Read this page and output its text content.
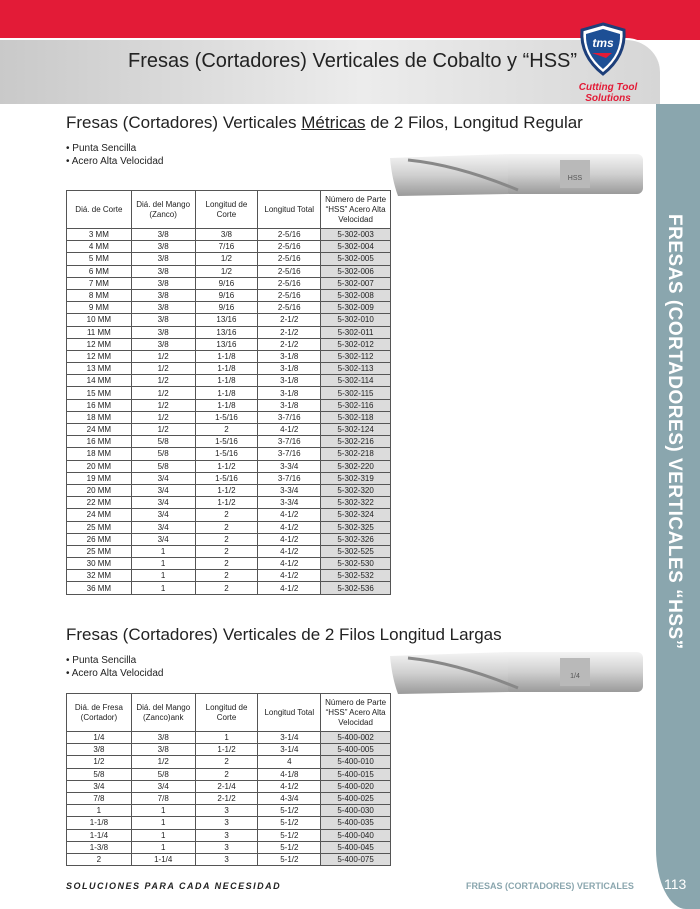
Fresas (Cortadores) Verticales de Cobalto y “HSS”
tms
Cutting Tool
Solutions
FRESAS (CORTADORES) VERTICALES “HSS”
113
Fresas (Cortadores) Verticales Métricas de 2 Filos, Longitud Regular
• Punta Sencilla
• Acero Alta Velocidad
HSS
Diá. de Corte	Diá. del Mango (Zanco)	Longitud de Corte	Longitud Total	Número de Parte “HSS” Acero Alta Velocidad
3 MM	3/8	3/8	2-5/16	5-302-003
4 MM	3/8	7/16	2-5/16	5-302-004
5 MM	3/8	1/2	2-5/16	5-302-005
6 MM	3/8	1/2	2-5/16	5-302-006
7 MM	3/8	9/16	2-5/16	5-302-007
8 MM	3/8	9/16	2-5/16	5-302-008
9 MM	3/8	9/16	2-5/16	5-302-009
10 MM	3/8	13/16	2-1/2	5-302-010
11 MM	3/8	13/16	2-1/2	5-302-011
12 MM	3/8	13/16	2-1/2	5-302-012
12 MM	1/2	1-1/8	3-1/8	5-302-112
13 MM	1/2	1-1/8	3-1/8	5-302-113
14 MM	1/2	1-1/8	3-1/8	5-302-114
15 MM	1/2	1-1/8	3-1/8	5-302-115
16 MM	1/2	1-1/8	3-1/8	5-302-116
18 MM	1/2	1-5/16	3-7/16	5-302-118
24 MM	1/2	2	4-1/2	5-302-124
16 MM	5/8	1-5/16	3-7/16	5-302-216
18 MM	5/8	1-5/16	3-7/16	5-302-218
20 MM	5/8	1-1/2	3-3/4	5-302-220
19 MM	3/4	1-5/16	3-7/16	5-302-319
20 MM	3/4	1-1/2	3-3/4	5-302-320
22 MM	3/4	1-1/2	3-3/4	5-302-322
24 MM	3/4	2	4-1/2	5-302-324
25 MM	3/4	2	4-1/2	5-302-325
26 MM	3/4	2	4-1/2	5-302-326
25 MM	1	2	4-1/2	5-302-525
30 MM	1	2	4-1/2	5-302-530
32 MM	1	2	4-1/2	5-302-532
36 MM	1	2	4-1/2	5-302-536
Fresas (Cortadores) Verticales de 2 Filos Longitud Largas
• Punta Sencilla
• Acero Alta Velocidad	1/4
Diá. de Fresa (Cortador)	Diá. del Mango (Zanco)ank	Longitud de Corte	Longitud Total	Número de Parte “HSS” Acero Alta Velocidad
1/4	3/8	1	3-1/4	5-400-002
3/8	3/8	1-1/2	3-1/4	5-400-005
1/2	1/2	2	4	5-400-010
5/8	5/8	2	4-1/8	5-400-015
3/4	3/4	2-1/4	4-1/2	5-400-020
7/8	7/8	2-1/2	4-3/4	5-400-025
1	1	3	5-1/2	5-400-030
1-1/8	1	3	5-1/2	5-400-035
1-1/4	1	3	5-1/2	5-400-040
1-3/8	1	3	5-1/2	5-400-045
2	1-1/4	3	5-1/2	5-400-075
SOLUCIONES PARA CADA NECESIDAD	FRESAS (CORTADORES) VERTICALES
